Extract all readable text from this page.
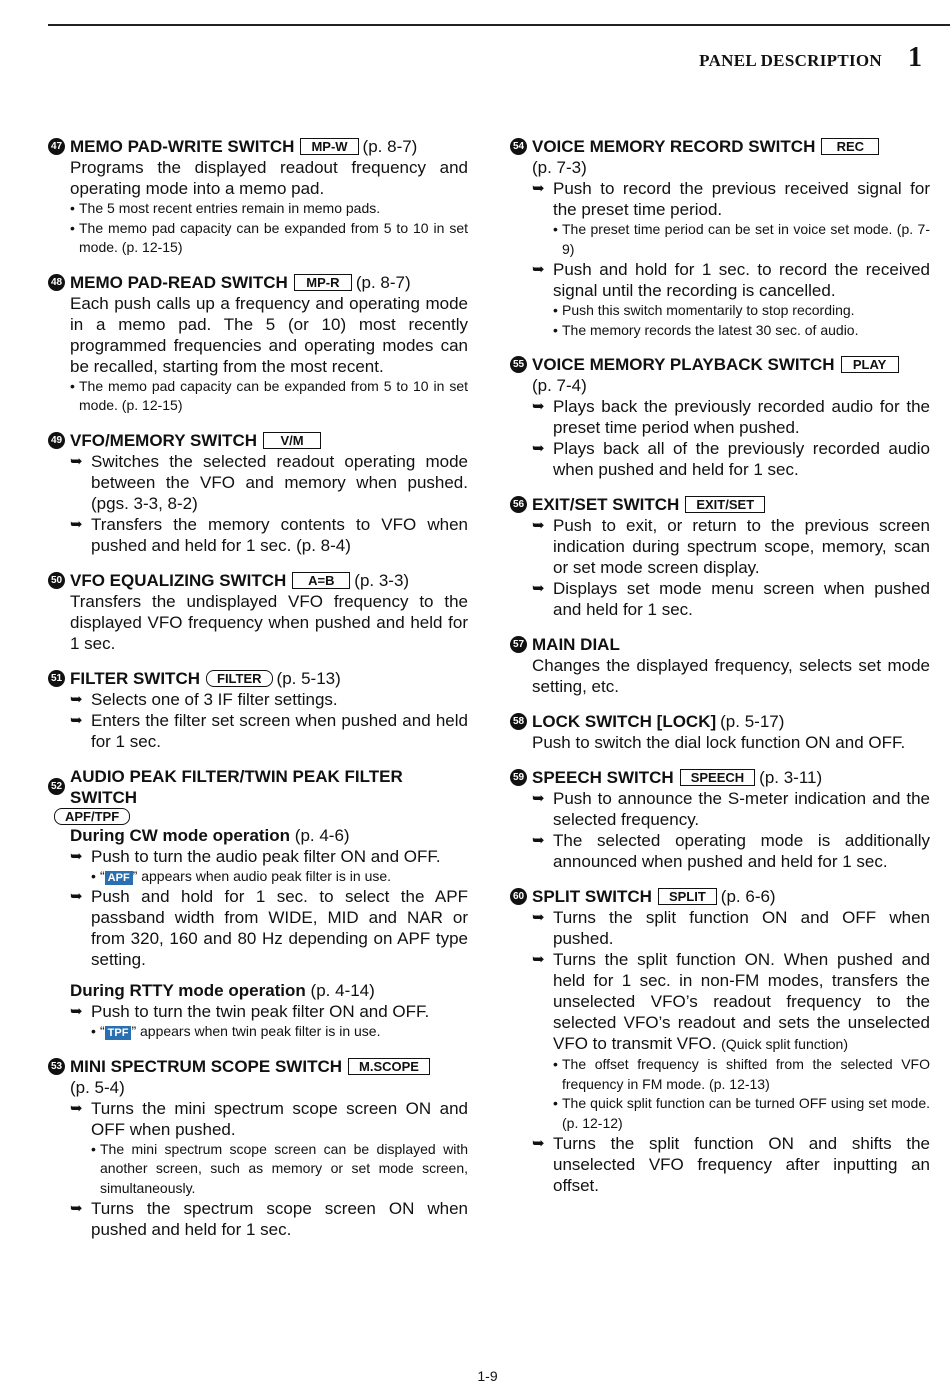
PANEL DESCRIPTION 1
47 MEMO PAD-WRITE SWITCH	MP-W (p. 8-7)

Programs the displayed readout frequency and operating mode into a memo pad.

• The 5 most recent entries remain in memo pads.
• The memo pad capacity can be expanded from 5 to 10 in set mode. (p. 12-15)
48 MEMO PAD-READ SWITCH	MP-R (p. 8-7)

Each push calls up a frequency and operating mode in a memo pad. The 5 (or 10) most recently programmed frequencies and operating modes can be recalled, starting from the most recent.

• The memo pad capacity can be expanded from 5 to 10 in set mode. (p. 12-15)
49 VFO/MEMORY SWITCH	V/M
➥ Switches the selected readout operating mode between the VFO and memory when pushed. (pgs. 3-3, 8-2)
➥ Transfers the memory contents to VFO when pushed and held for 1 sec. (p. 8-4)
50 VFO EQUALIZING SWITCH	A=B	(p. 3-3)

Transfers the undisplayed VFO frequency to the displayed VFO frequency when pushed and held for 1 sec.

51 FILTER SWITCH	FILTER (p. 5-13)
➥ Selects one of 3 IF filter settings.
➥ Enters the filter set screen when pushed and held for 1 sec.
52
AUDIO PEAK FILTER/TWIN PEAK FILTER SWITCH
APF/TPF

During CW mode operation (p. 4-6)

➥ Push to turn the audio peak filter ON and OFF.
• “ APF ” appears when audio peak filter is in use.
➥ Push and hold for 1 sec. to select the APF passband width from WIDE, MID and NAR or from 320, 160 and 80 Hz depending on APF type setting.

During RTTY mode operation (p. 4-14)

➥ Push to turn the twin peak filter ON and OFF.
• “ TPF ” appears when twin peak filter is in use.
53 MINI SPECTRUM SCOPE SWITCH	M.SCOPE

(p. 5-4)

➥ Turns the mini spectrum scope screen ON and OFF when pushed.
• The mini spectrum scope screen can be displayed with another screen, such as memory or set mode screen, simultaneously.
➥ Turns the spectrum scope screen ON when pushed and held for 1 sec.
54 VOICE MEMORY RECORD SWITCH	REC

(p. 7-3)

➥ Push to record the previous received signal for the preset time period.
• The preset time period can be set in voice set mode. (p. 7-9)
➥ Push and hold for 1 sec. to record the received signal until the recording is cancelled.
• Push this switch momentarily to stop recording.
• The memory records the latest 30 sec. of audio.
55 VOICE MEMORY PLAYBACK SWITCH	PLAY

(p. 7-4)

➥ Plays back the previously recorded audio for the preset time period when pushed.
➥ Plays back all of the previously recorded audio when pushed and held for 1 sec.
56 EXIT/SET SWITCH	EXIT/SET
➥ Push to exit, or return to the previous screen indication during spectrum scope, memory, scan or set mode screen display.
➥ Displays set mode menu screen when pushed and held for 1 sec.
57 MAIN DIAL

Changes the displayed frequency, selects set mode setting, etc.

58 LOCK SWITCH [LOCK] (p. 5-17)

Push to switch the dial lock function ON and OFF.

59 SPEECH SWITCH	SPEECH (p. 3-11)
➥ Push to announce the S-meter indication and the selected frequency.
➥ The selected operating mode is additionally announced when pushed and held for 1 sec.
60 SPLIT SWITCH	SPLIT (p. 6-6)
➥ Turns the split function ON and OFF when pushed.
➥ Turns the split function ON. When pushed and held for 1 sec. in non-FM modes, transfers the unselected VFO’s readout frequency to the selected VFO’s readout and sets the unselected VFO to transmit VFO. (Quick split function)
• The offset frequency is shifted from the selected VFO frequency in FM mode. (p. 12-13)
• The quick split function can be turned OFF using set mode. (p. 12-12)
➥ Turns the split function ON and shifts the unselected VFO frequency after inputting an offset.
1-9
